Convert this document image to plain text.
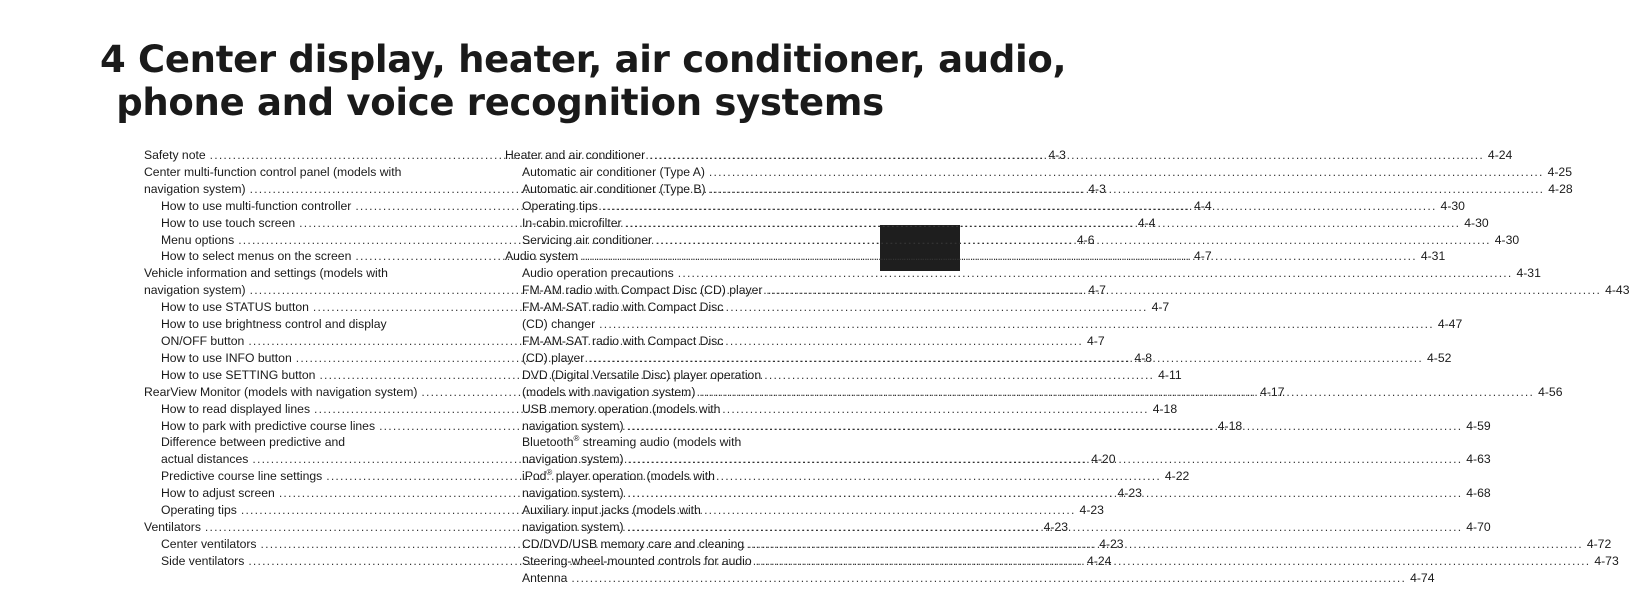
4 Center display, heater, air conditioner, audio,
phone and voice recognition systems
Safety note .....	4-3
Center multi-function control panel (models with
navigation system) .....	4-3
How to use multi-function controller .....	4-4
How to use touch screen .....	4-4
Menu options .....	4-6
How to select menus on the screen .....	4-7
Vehicle information and settings (models with
navigation system) .....	4-7
How to use STATUS button .....	4-7
How to use brightness control and display
ON/OFF button .....	4-7
How to use INFO button .....	4-8
How to use SETTING button .....	4-11
RearView Monitor (models with navigation system) .....	4-17
How to read displayed lines .....	4-18
How to park with predictive course lines .....	4-18
Difference between predictive and
actual distances .....	4-20
Predictive course line settings .....	4-22
How to adjust screen .....	4-23
Operating tips .....	4-23
Ventilators .....	4-23
Center ventilators .....	4-23
Side ventilators .....	4-24
Heater and air conditioner .....	4-24
Automatic air conditioner (Type A) .....	4-25
Automatic air conditioner (Type B) .....	4-28
Operating tips .....	4-30
In-cabin microfilter .....	4-30
Servicing air conditioner .....	4-30
Audio system .....	4-31
Audio operation precautions .....	4-31
FM-AM radio with Compact Disc (CD) player .....	4-43
FM-AM-SAT radio with Compact Disc
(CD) changer .....	4-47
FM-AM-SAT radio with Compact Disc
(CD) player .....	4-52
DVD (Digital Versatile Disc) player operation
(models with navigation system) .....	4-56
USB memory operation (models with
navigation system) .....	4-59
Bluetooth® streaming audio (models with
navigation system) .....	4-63
iPod® player operation (models with
navigation system) .....	4-68
Auxiliary input jacks (models with
navigation system) .....	4-70
CD/DVD/USB memory care and cleaning .....	4-72
Steering-wheel-mounted controls for audio .....	4-73
Antenna .....	4-74
